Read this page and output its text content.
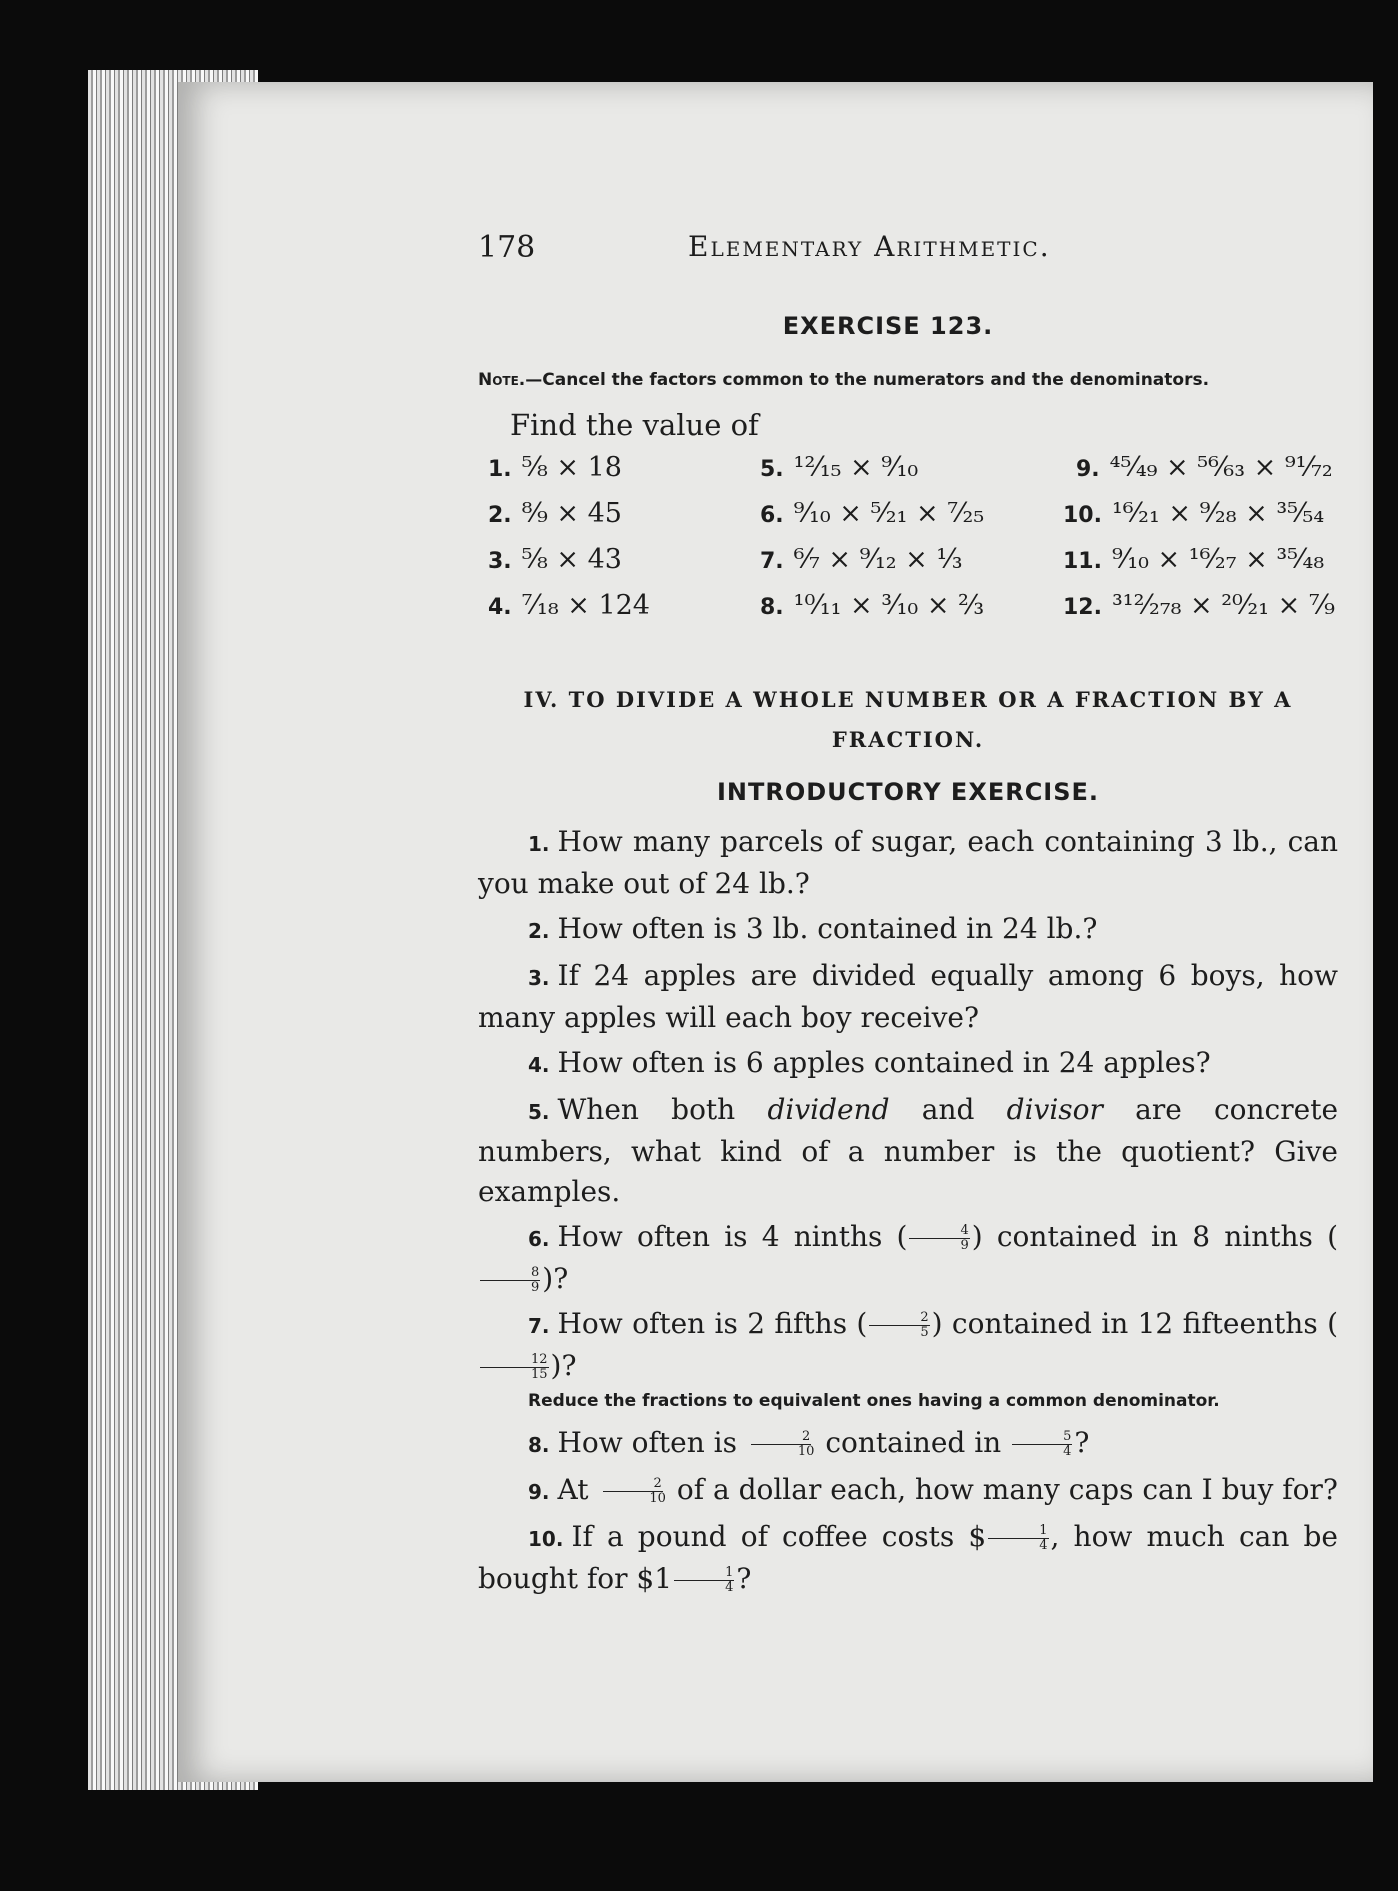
178	Elementary Arithmetic.
EXERCISE 123.
Note.—Cancel the factors common to the numerators and the denominators.
Find the value of
1. ⁵⁄₈ × 18
2. ⁸⁄₉ × 45
3. ⁵⁄₈ × 43
4. ⁷⁄₁₈ × 124
5. ¹²⁄₁₅ × ⁹⁄₁₀
6. ⁹⁄₁₀ × ⁵⁄₂₁ × ⁷⁄₂₅
7. ⁶⁄₇ × ⁹⁄₁₂ × ¹⁄₃
8. ¹⁰⁄₁₁ × ³⁄₁₀ × ⅔
9. ⁴⁵⁄₄₉ × ⁵⁶⁄₆₃ × ⁹¹⁄₇₂
10. ¹⁶⁄₂₁ × ⁹⁄₂₈ × ³⁵⁄₅₄
11. ⁹⁄₁₀ × ¹⁶⁄₂₇ × ³⁵⁄₄₈
12. ³¹²⁄₂₇₈ × ²⁰⁄₂₁ × ⁷⁄₉
IV. TO DIVIDE A WHOLE NUMBER OR A FRACTION BY A FRACTION.
INTRODUCTORY EXERCISE.

1. How many parcels of sugar, each containing 3 lb., can you make out of 24 lb.?

2. How often is 3 lb. contained in 24 lb.?

3. If 24 apples are divided equally among 6 boys, how many apples will each boy receive?

4. How often is 6 apples contained in 24 apples?

5. When both dividend and divisor are concrete numbers, what kind of a number is the quotient? Give examples.

6. How often is 4 ninths ( $\frac{4}{9}$ ) contained in 8 ninths (
$\frac{8}{9}$ )?

7. How often is 2 fifths ( $\frac{2}{5}$ ) contained in 12 fifteenths (
$\frac{12}{15}$ )?

Reduce the fractions to equivalent ones having a common denominator.

8. How often is $\frac{2}{10}$ contained in $\frac{5}{4}$ ?

9. At $\frac{2}{10}$ of a dollar each, how many caps can I buy for?

10. If a pound of coffee costs $ $\frac{1}{4}$ , how much can be bought for $1 $\frac{1}{4}$ ?
